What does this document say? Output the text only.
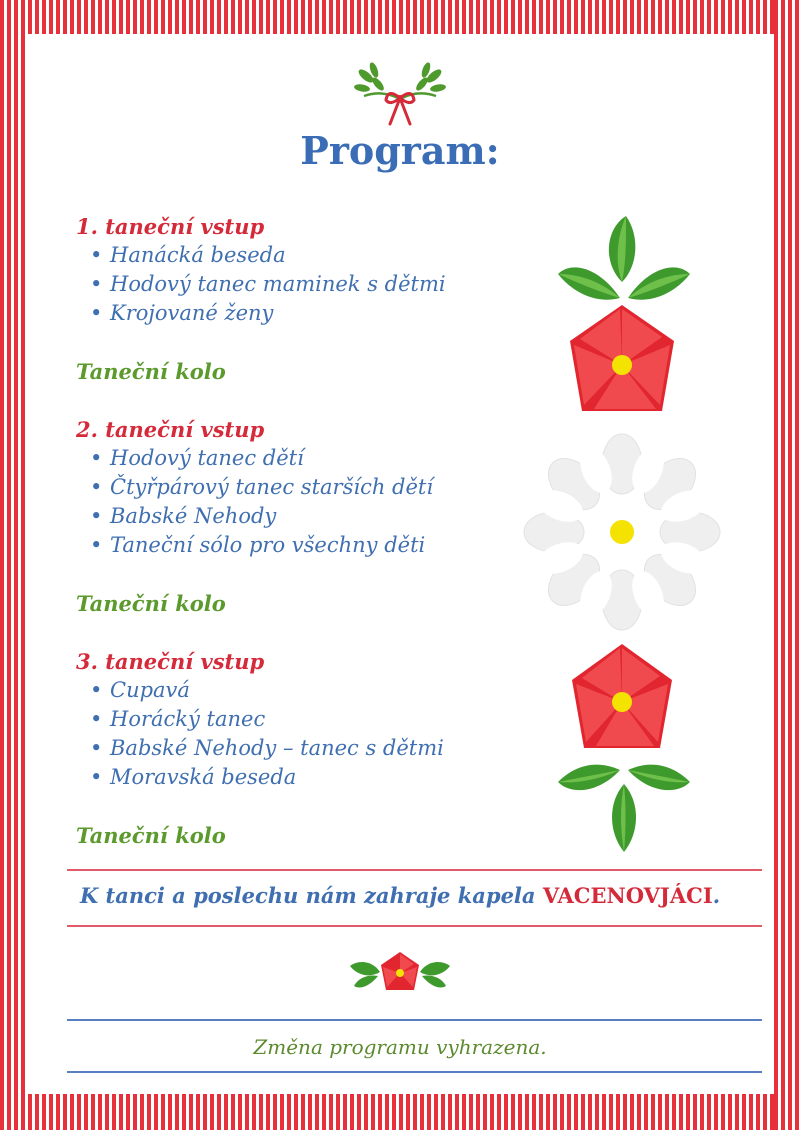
Program:
1. taneční vstup
• Hanácká beseda
• Hodový tanec maminek s dětmi
• Krojované ženy
Taneční kolo
2. taneční vstup
• Hodový tanec dětí
• Čtyřpárový tanec starších dětí
• Babské Nehody
• Taneční sólo pro všechny děti
Taneční kolo
3. taneční vstup
• Cupavá
• Horácký tanec
• Babské Nehody – tanec s dětmi
• Moravská beseda
Taneční kolo
K tanci a poslechu nám zahraje kapela VACENOVJÁCI.
Změna programu vyhrazena.
